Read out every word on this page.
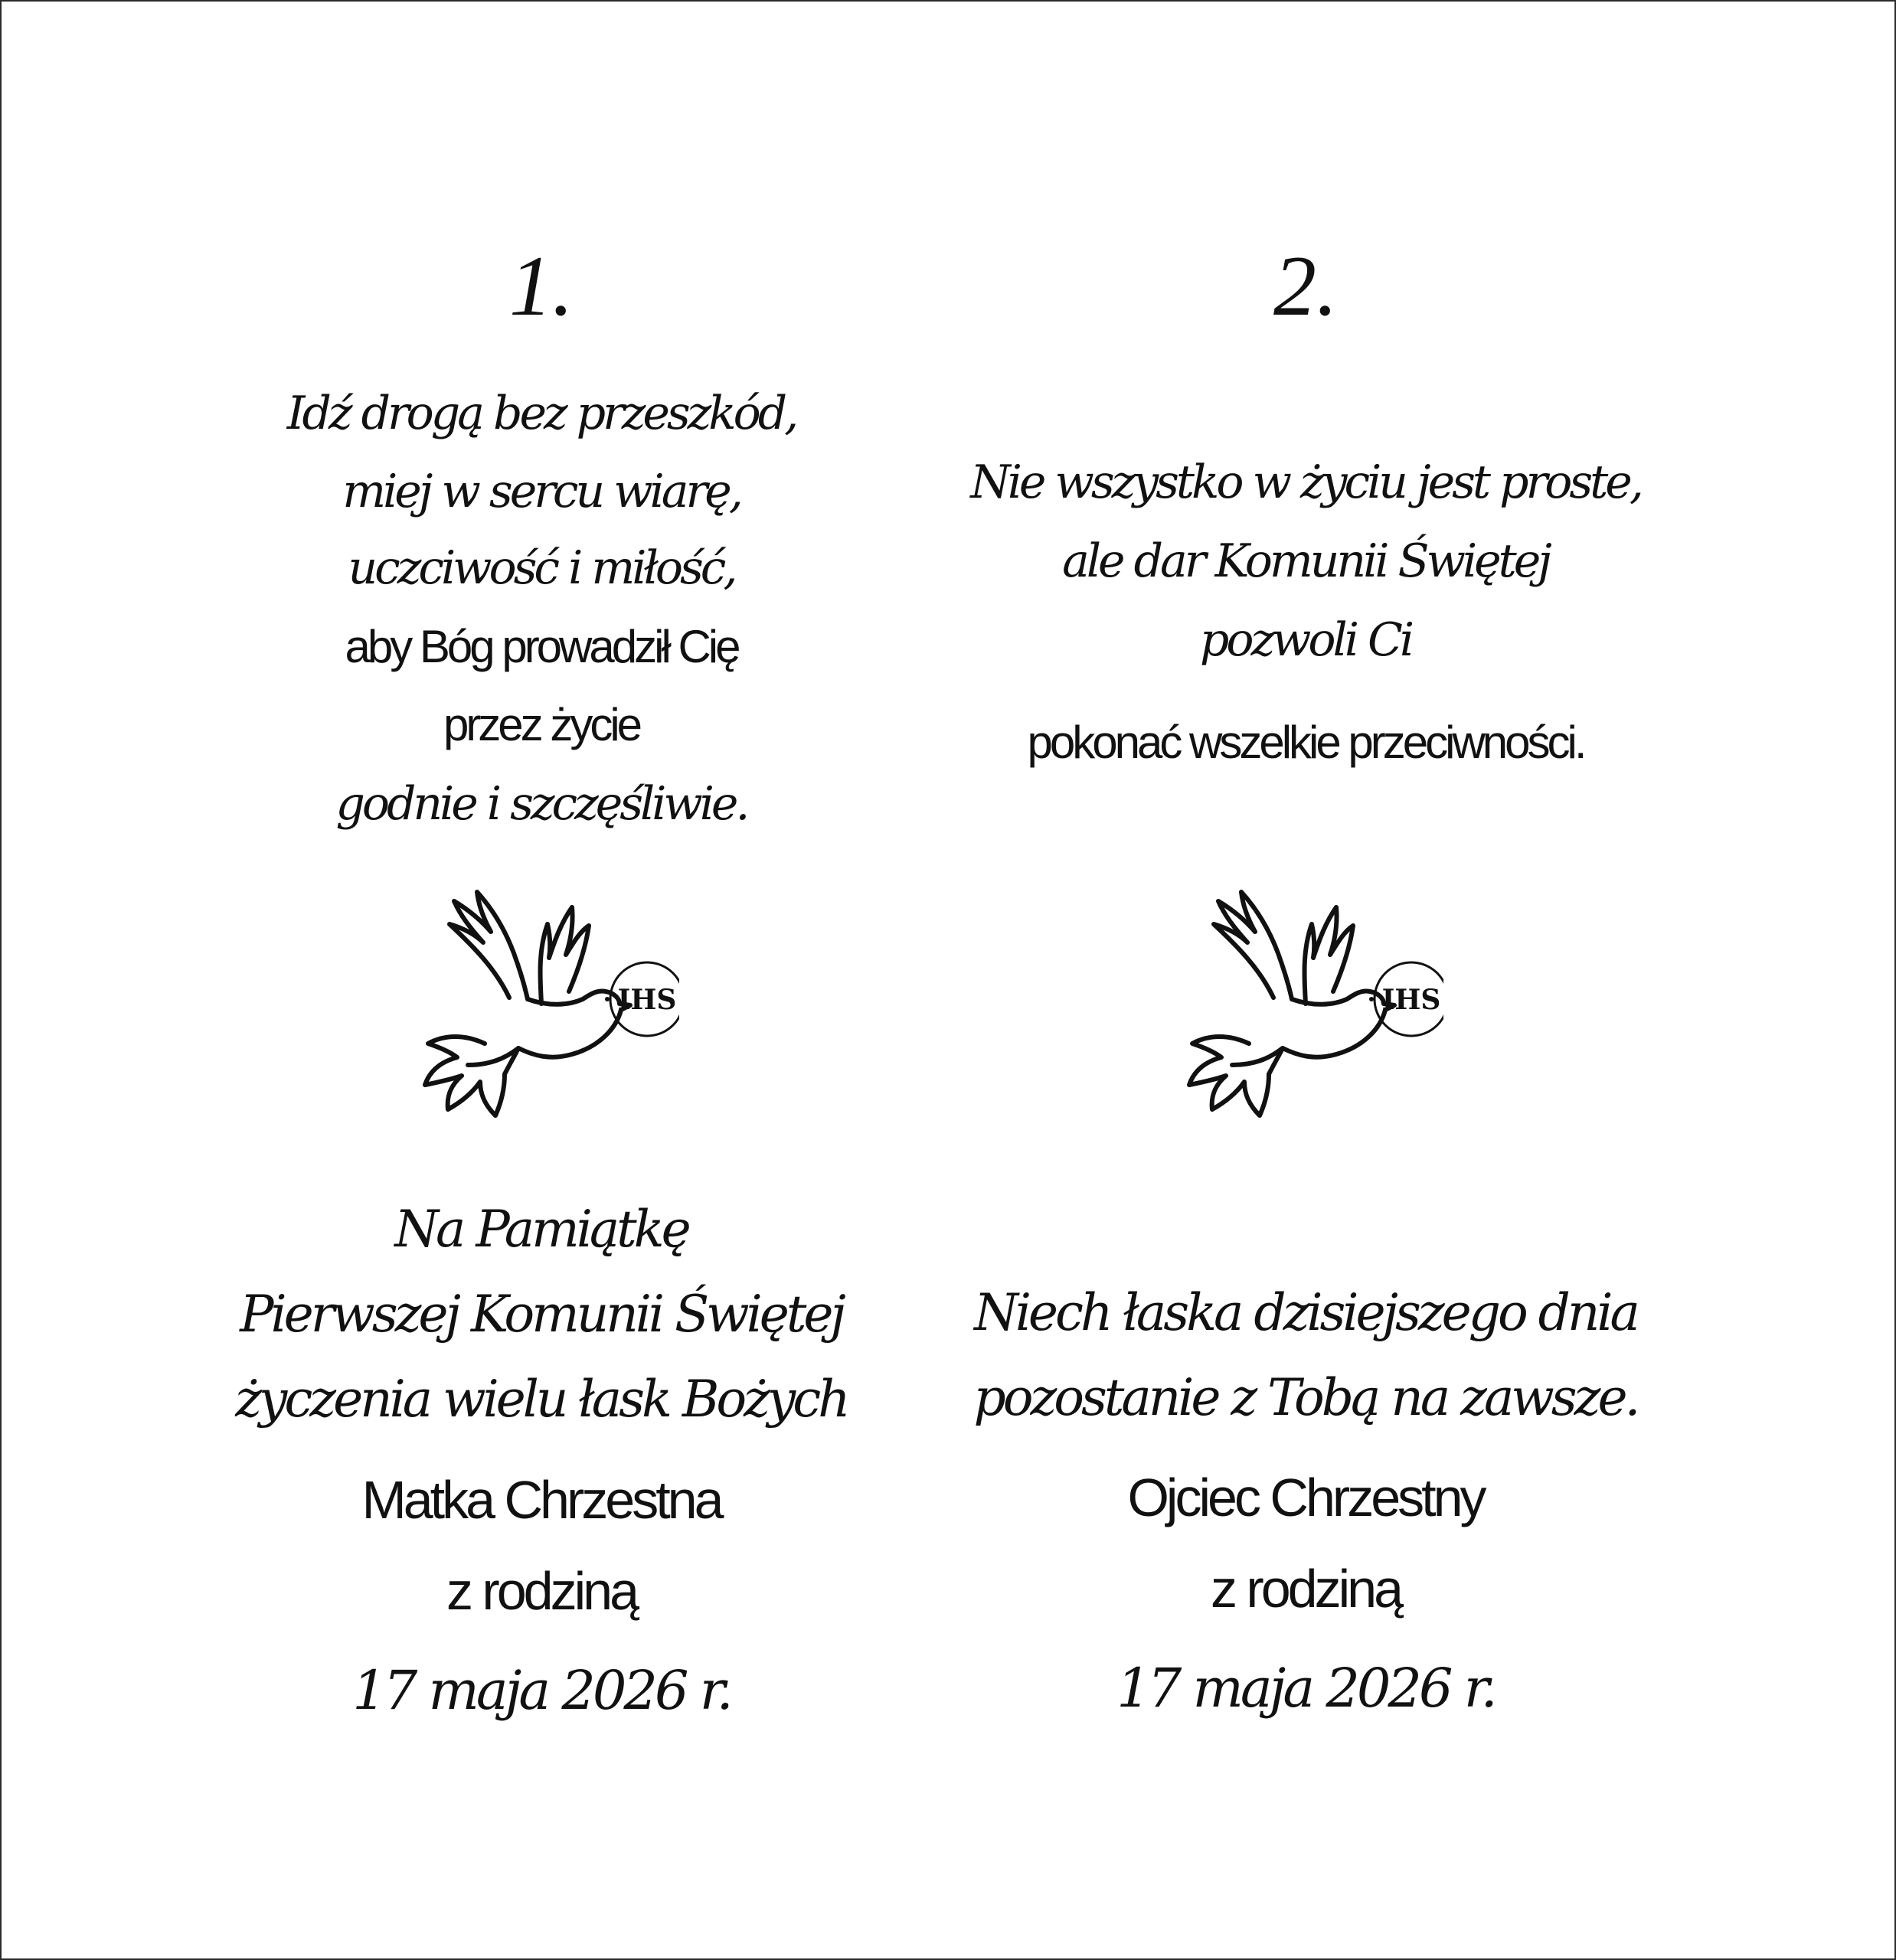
1.
Idź drogą bez przeszkód,
miej w sercu wiarę,
uczciwość i miłość,
aby Bóg prowadził Cię
przez życie
godnie i szczęśliwie.
IHS
Na Pamiątkę
Pierwszej Komunii Świętej
życzenia wielu łask Bożych
Matka Chrzestna
z rodziną
17 maja 2026 r.
2.
Nie wszystko w życiu jest proste,
ale dar Komunii Świętej
pozwoli Ci
pokonać wszelkie przeciwności.
IHS
Niech łaska dzisiejszego dnia
pozostanie z Tobą na zawsze.
Ojciec Chrzestny
z rodziną
17 maja 2026 r.
